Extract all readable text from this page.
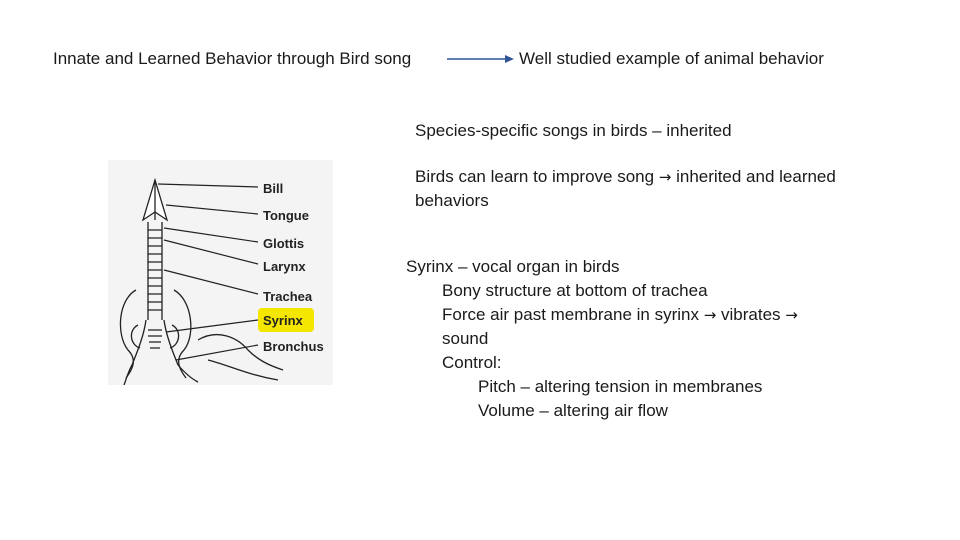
Innate and Learned Behavior through Bird song	Well studied example of animal behavior
Species-specific songs in birds – inherited
Birds can learn to improve song → inherited and learned behaviors
Syrinx – vocal organ in birds
Bony structure at bottom of trachea
Force air past membrane in syrinx → vibrates →
sound
Control:
Pitch – altering tension in membranes
Volume – altering air flow
Bill
Tongue
Glottis
Larynx
Trachea
Syrinx
Bronchus
